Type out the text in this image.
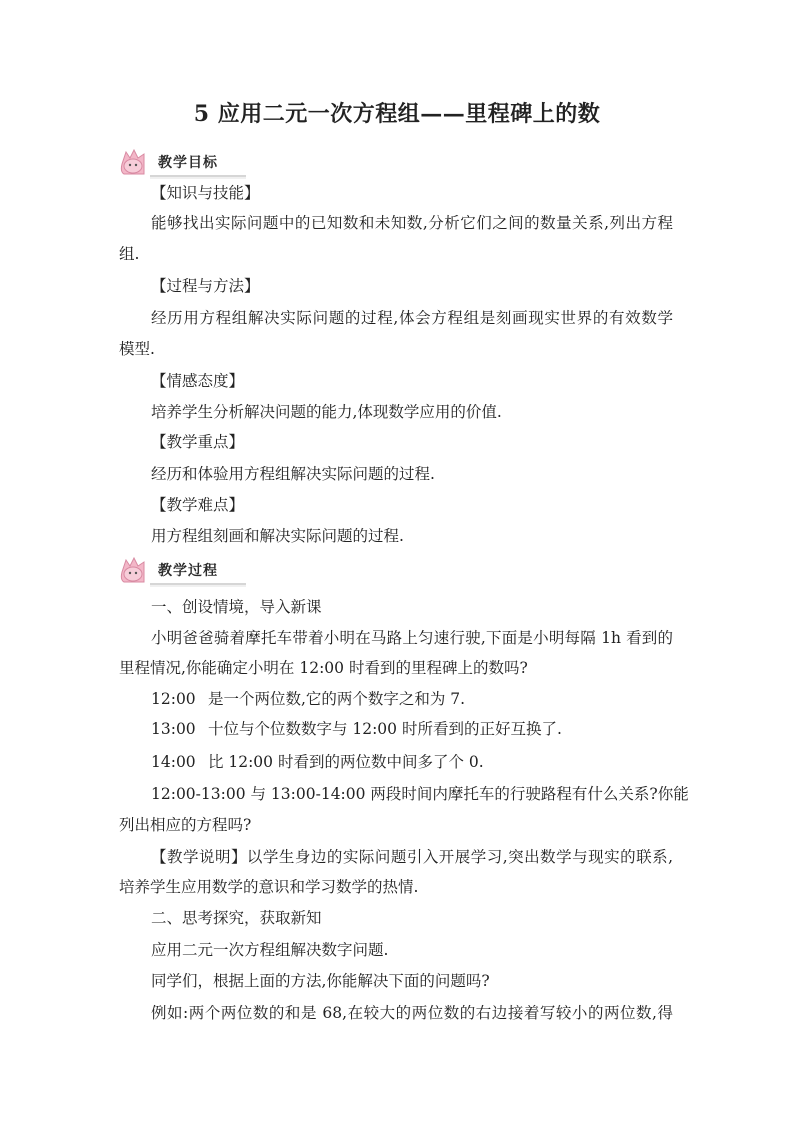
5 应用二元一次方程组——里程碑上的数
教学目标
【知识与技能】
能够找出实际问题中的已知数和未知数,分析它们之间的数量关系,列出方程
组.
【过程与方法】
经历用方程组解决实际问题的过程,体会方程组是刻画现实世界的有效数学
模型.
【情感态度】
培养学生分析解决问题的能力,体现数学应用的价值.
【教学重点】
经历和体验用方程组解决实际问题的过程.
【教学难点】
用方程组刻画和解决实际问题的过程.
教学过程
一、创设情境，导入新课
小明爸爸骑着摩托车带着小明在马路上匀速行驶,下面是小明每隔 1h 看到的
里程情况,你能确定小明在 12:00 时看到的里程碑上的数吗?
12:00 是一个两位数,它的两个数字之和为 7.
13:00 十位与个位数数字与 12:00 时所看到的正好互换了.
14:00 比 12:00 时看到的两位数中间多了个 0.
12:00-13:00 与 13:00-14:00 两段时间内摩托车的行驶路程有什么关系?你能
列出相应的方程吗?
【教学说明】以学生身边的实际问题引入开展学习,突出数学与现实的联系,
培养学生应用数学的意识和学习数学的热情.
二、思考探究，获取新知
应用二元一次方程组解决数字问题.
同学们，根据上面的方法,你能解决下面的问题吗?
例如:两个两位数的和是 68,在较大的两位数的右边接着写较小的两位数,得
